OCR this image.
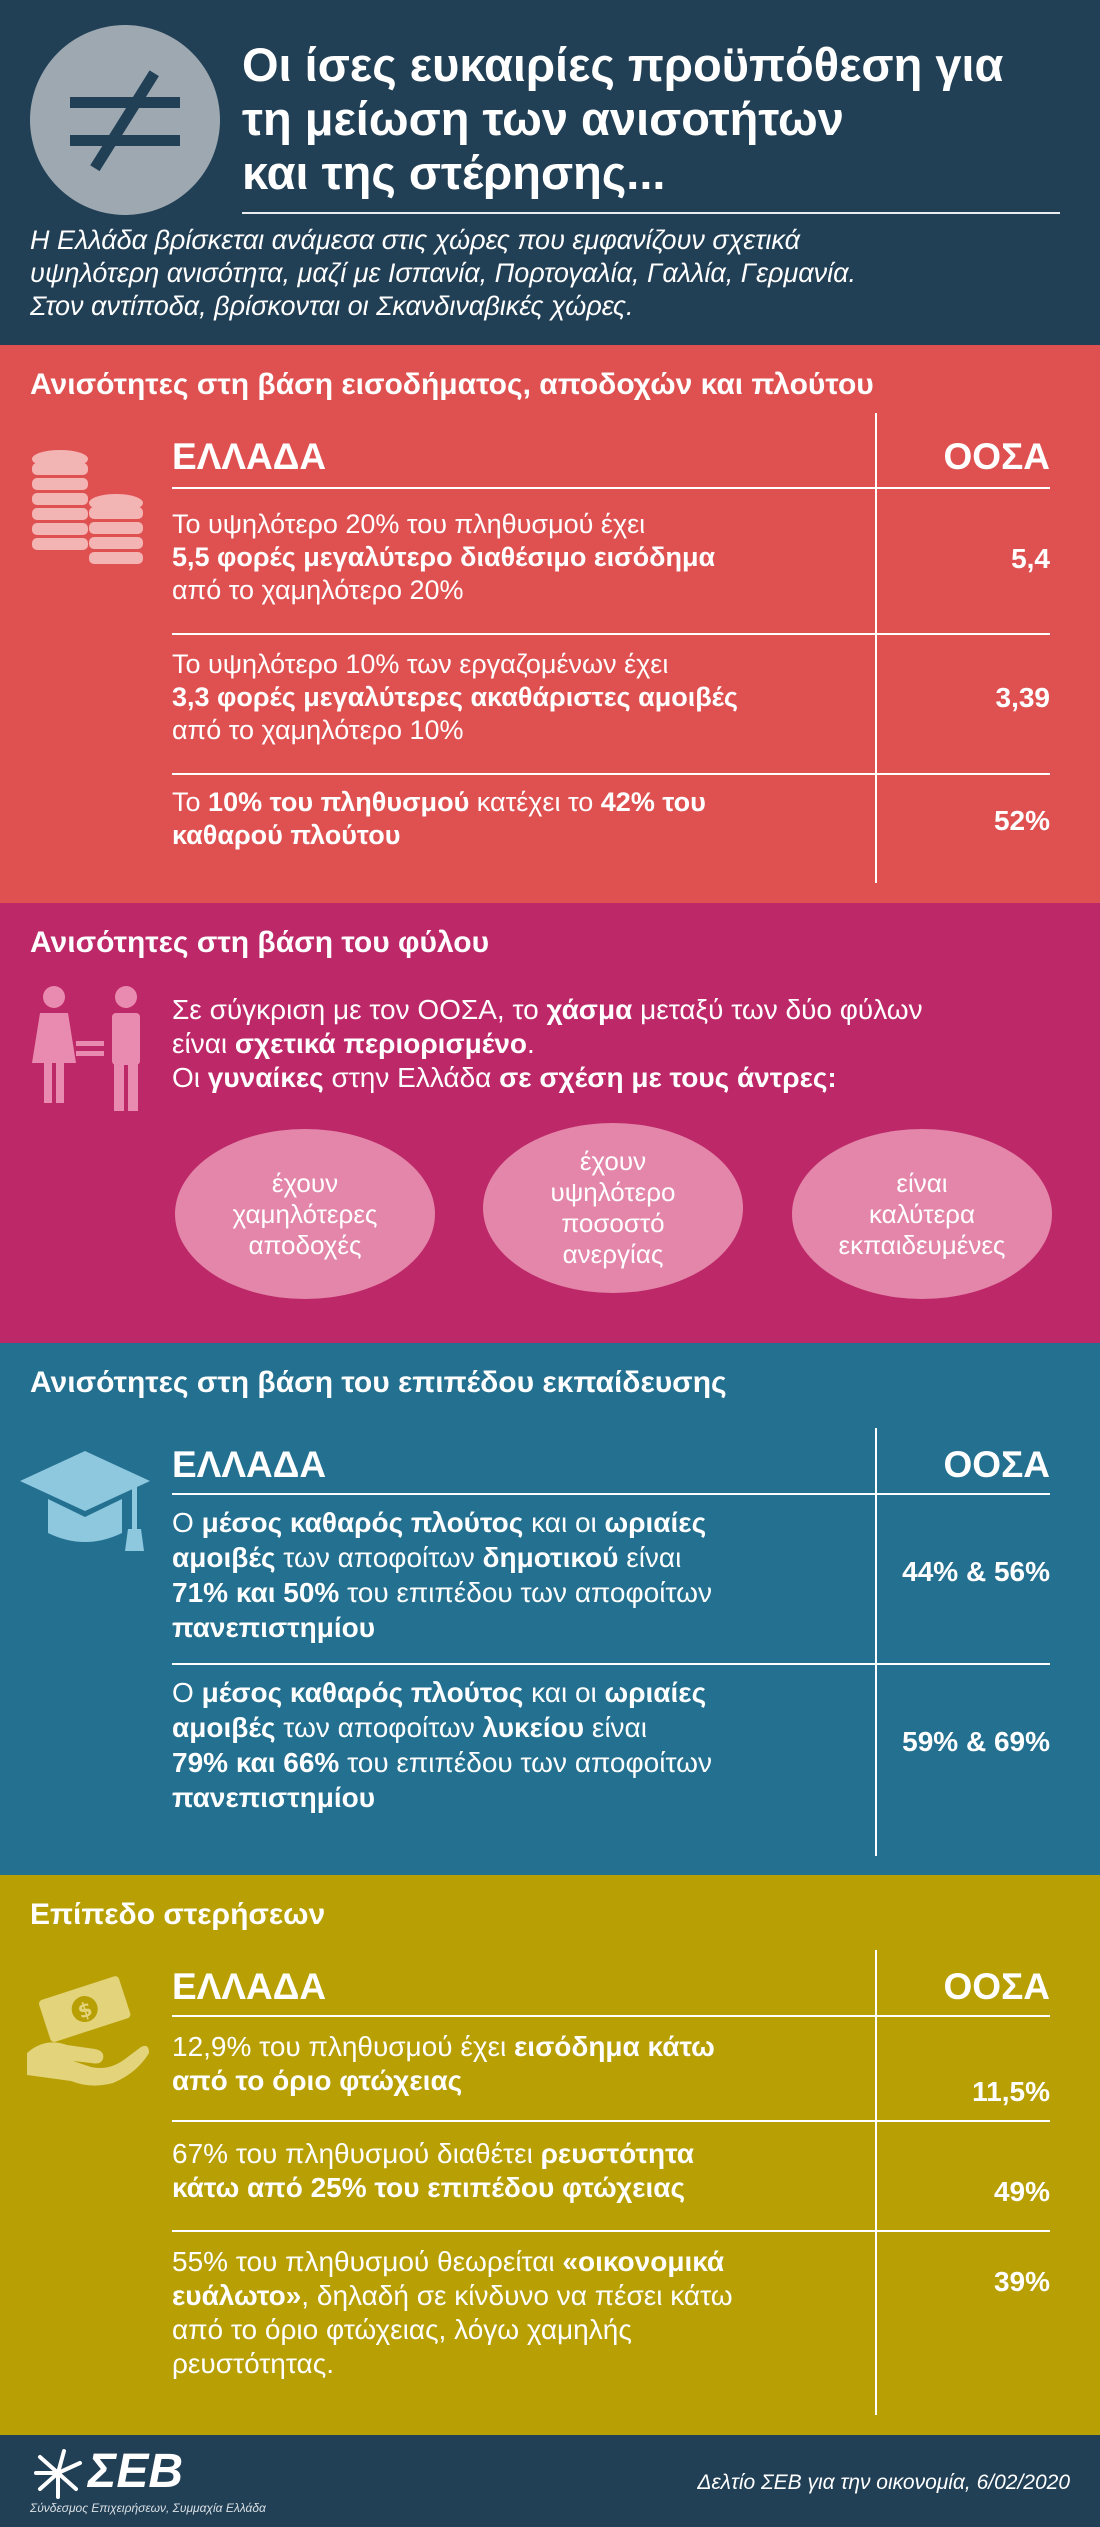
Οι ίσες ευκαιρίες προϋπόθεση για
τη μείωση των ανισοτήτων
και της στέρησης...
Η Ελλάδα βρίσκεται ανάμεσα στις χώρες που εμφανίζουν σχετικά
υψηλότερη ανισότητα, μαζί με Ισπανία, Πορτογαλία, Γαλλία, Γερμανία.
Στον αντίποδα, βρίσκονται οι Σκανδιναβικές χώρες.
Ανισότητες στη βάση εισοδήματος, αποδοχών και πλούτου
ΕΛΛΑΔΑ	ΟΟΣΑ
Το υψηλότερο 20% του πληθυσμού έχει
5,5 φορές μεγαλύτερο διαθέσιμο εισόδημα
από το χαμηλότερο 20%
5,4
Το υψηλότερο 10% των εργαζομένων έχει
3,3 φορές μεγαλύτερες ακαθάριστες αμοιβές
από το χαμηλότερο 10%
3,39
Το 10% του πληθυσμού κατέχει το 42% του
καθαρού πλούτου	52%
Ανισότητες στη βάση του φύλου
Σε σύγκριση με τον ΟΟΣΑ, το χάσμα μεταξύ των δύο φύλων
είναι σχετικά περιορισμένο.
Οι γυναίκες στην Ελλάδα σε σχέση με τους άντρες:
έχουν
χαμηλότερες
αποδοχές
έχουν
υψηλότερο
ποσοστό
ανεργίας
είναι
καλύτερα
εκπαιδευμένες
Ανισότητες στη βάση του επιπέδου εκπαίδευσης
ΕΛΛΑΔΑ	ΟΟΣΑ
Ο μέσος καθαρός πλούτος και οι ωριαίες
αμοιβές των αποφοίτων δημοτικού είναι
71% και 50% του επιπέδου των αποφοίτων
πανεπιστημίου
44% & 56%
Ο μέσος καθαρός πλούτος και οι ωριαίες
αμοιβές των αποφοίτων λυκείου είναι
79% και 66% του επιπέδου των αποφοίτων
πανεπιστημίου
59% & 69%
Επίπεδο στερήσεων
$
ΕΛΛΑΔΑ	ΟΟΣΑ
12,9% του πληθυσμού έχει εισόδημα κάτω
από το όριο φτώχειας	11,5%
67% του πληθυσμού διαθέτει ρευστότητα
κάτω από 25% του επιπέδου φτώχειας	49%
55% του πληθυσμού θεωρείται «οικονομικά
ευάλωτο», δηλαδή σε κίνδυνο να πέσει κάτω
από το όριο φτώχειας, λόγω χαμηλής
ρευστότητας.
39%
ΣΕΒ
Σύνδεσμος Επιχειρήσεων, Συμμαχία Ελλάδα
Δελτίο ΣΕΒ για την οικονομία, 6/02/2020
